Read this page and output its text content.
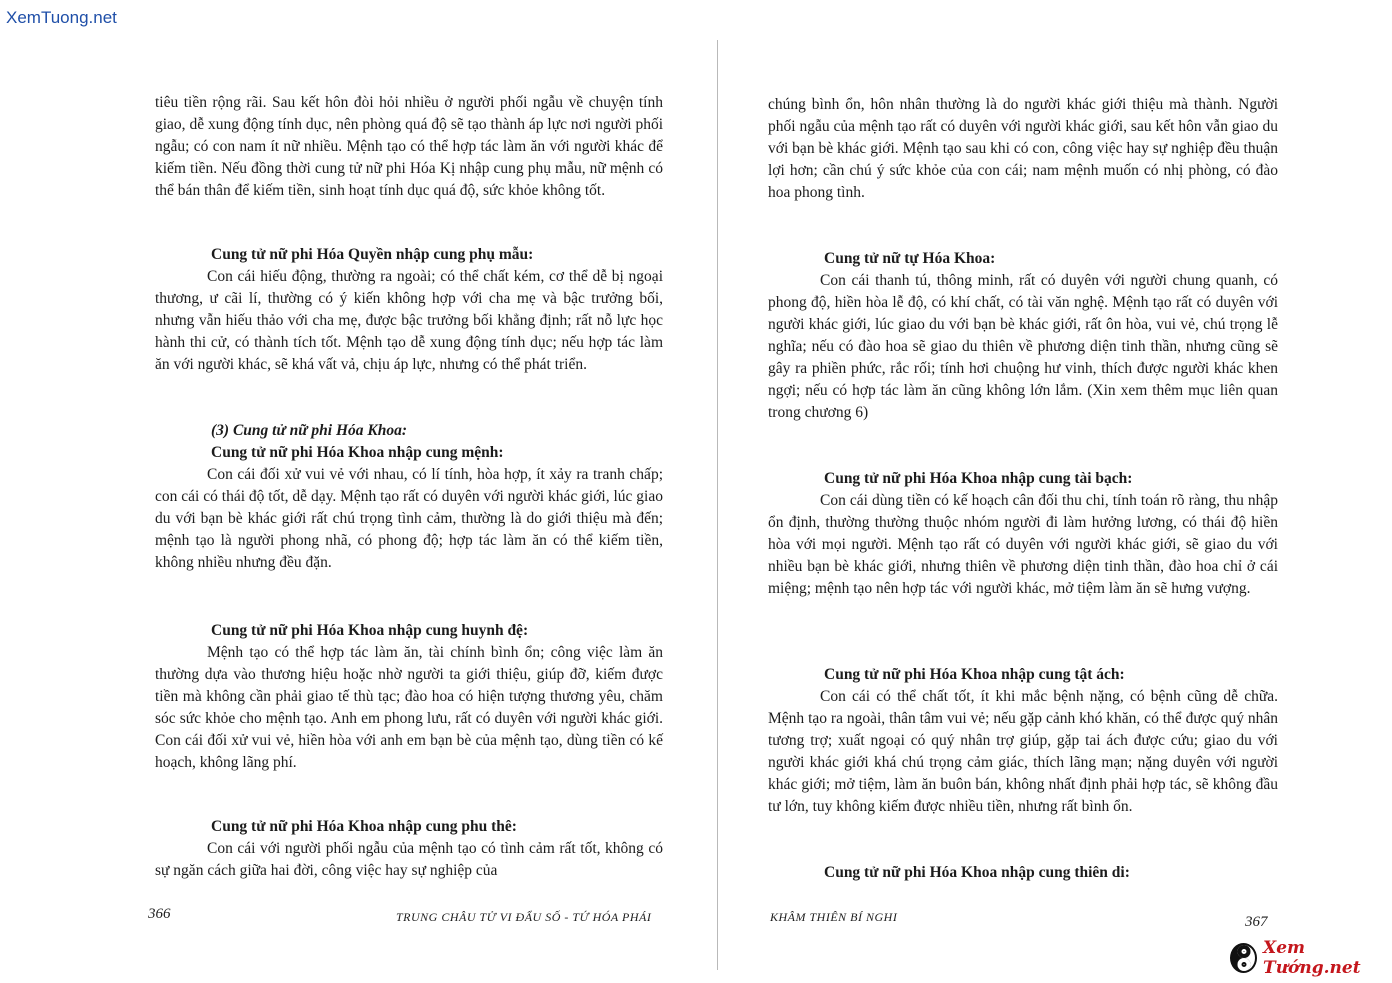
XemTuong.net

tiêu tiền rộng rãi. Sau kết hôn đòi hỏi nhiều ở người phối ngẫu về chuyện tính giao, dễ xung động tính dục, nên phòng quá độ sẽ tạo thành áp lực nơi người phối ngẫu; có con nam ít nữ nhiều. Mệnh tạo có thể hợp tác làm ăn với người khác để kiếm tiền. Nếu đồng thời cung tử nữ phi Hóa Kị nhập cung phụ mẫu, nữ mệnh có thể bán thân để kiếm tiền, sinh hoạt tính dục quá độ, sức khỏe không tốt.

Cung tử nữ phi Hóa Quyền nhập cung phụ mẫu:

Con cái hiếu động, thường ra ngoài; có thể chất kém, cơ thể dễ bị ngoại thương, ư cãi lí, thường có ý kiến không hợp với cha mẹ và bậc trưởng bối, nhưng vẫn hiếu thảo với cha mẹ, được bậc trưởng bối khẳng định; rất nỗ lực học hành thi cử, có thành tích tốt. Mệnh tạo dễ xung động tính dục; nếu hợp tác làm ăn với người khác, sẽ khá vất vả, chịu áp lực, nhưng có thể phát triển.

(3) Cung tử nữ phi Hóa Khoa:

Cung tử nữ phi Hóa Khoa nhập cung mệnh:

Con cái đối xử vui vẻ với nhau, có lí tính, hòa hợp, ít xảy ra tranh chấp; con cái có thái độ tốt, dễ dạy. Mệnh tạo rất có duyên với người khác giới, lúc giao du với bạn bè khác giới rất chú trọng tình cảm, thường là do giới thiệu mà đến; mệnh tạo là người phong nhã, có phong độ; hợp tác làm ăn có thể kiếm tiền, không nhiều nhưng đều đặn.

Cung tử nữ phi Hóa Khoa nhập cung huynh đệ:

Mệnh tạo có thể hợp tác làm ăn, tài chính bình ổn; công việc làm ăn thường dựa vào thương hiệu hoặc nhờ người ta giới thiệu, giúp đỡ, kiếm được tiền mà không cần phải giao tế thù tạc; đào hoa có hiện tượng thương yêu, chăm sóc sức khỏe cho mệnh tạo. Anh em phong lưu, rất có duyên với người khác giới. Con cái đối xử vui vẻ, hiền hòa với anh em bạn bè của mệnh tạo, dùng tiền có kế hoạch, không lãng phí.

Cung tử nữ phi Hóa Khoa nhập cung phu thê:

Con cái với người phối ngẫu của mệnh tạo có tình cảm rất tốt, không có sự ngăn cách giữa hai đời, công việc hay sự nghiệp của

366	TRUNG CHÂU TỬ VI ĐẨU SỐ - TỨ HÓA PHÁI

chúng bình ổn, hôn nhân thường là do người khác giới thiệu mà thành. Người phối ngẫu của mệnh tạo rất có duyên với người khác giới, sau kết hôn vẫn giao du với bạn bè khác giới. Mệnh tạo sau khi có con, công việc hay sự nghiệp đều thuận lợi hơn; cần chú ý sức khỏe của con cái; nam mệnh muốn có nhị phòng, có đào hoa phong tình.

Cung tử nữ tự Hóa Khoa:

Con cái thanh tú, thông minh, rất có duyên với người chung quanh, có phong độ, hiền hòa lễ độ, có khí chất, có tài văn nghệ. Mệnh tạo rất có duyên với người khác giới, lúc giao du với bạn bè khác giới, rất ôn hòa, vui vẻ, chú trọng lễ nghĩa; nếu có đào hoa sẽ giao du thiên về phương diện tinh thần, nhưng cũng sẽ gây ra phiền phức, rắc rối; tính hơi chuộng hư vinh, thích được người khác khen ngợi; nếu có hợp tác làm ăn cũng không lớn lắm. (Xin xem thêm mục liên quan trong chương 6)

Cung tử nữ phi Hóa Khoa nhập cung tài bạch:

Con cái dùng tiền có kế hoạch cân đối thu chi, tính toán rõ ràng, thu nhập ổn định, thường thường thuộc nhóm người đi làm hưởng lương, có thái độ hiền hòa với mọi người. Mệnh tạo rất có duyên với người khác giới, sẽ giao du với nhiều bạn bè khác giới, nhưng thiên về phương diện tinh thần, đào hoa chỉ ở cái miệng; mệnh tạo nên hợp tác với người khác, mở tiệm làm ăn sẽ hưng vượng.

Cung tử nữ phi Hóa Khoa nhập cung tật ách:

Con cái có thể chất tốt, ít khi mắc bệnh nặng, có bệnh cũng dễ chữa. Mệnh tạo ra ngoài, thân tâm vui vẻ; nếu gặp cảnh khó khăn, có thể được quý nhân tương trợ; xuất ngoại có quý nhân trợ giúp, gặp tai ách được cứu; giao du với người khác giới khá chú trọng cảm giác, thích lãng mạn; nặng duyên với người khác giới; mở tiệm, làm ăn buôn bán, không nhất định phải hợp tác, sẽ không đầu tư lớn, tuy không kiếm được nhiều tiền, nhưng rất bình ổn.

Cung tử nữ phi Hóa Khoa nhập cung thiên di:

KHÂM THIÊN BÍ NGHI	367
Xem Tướng.net
